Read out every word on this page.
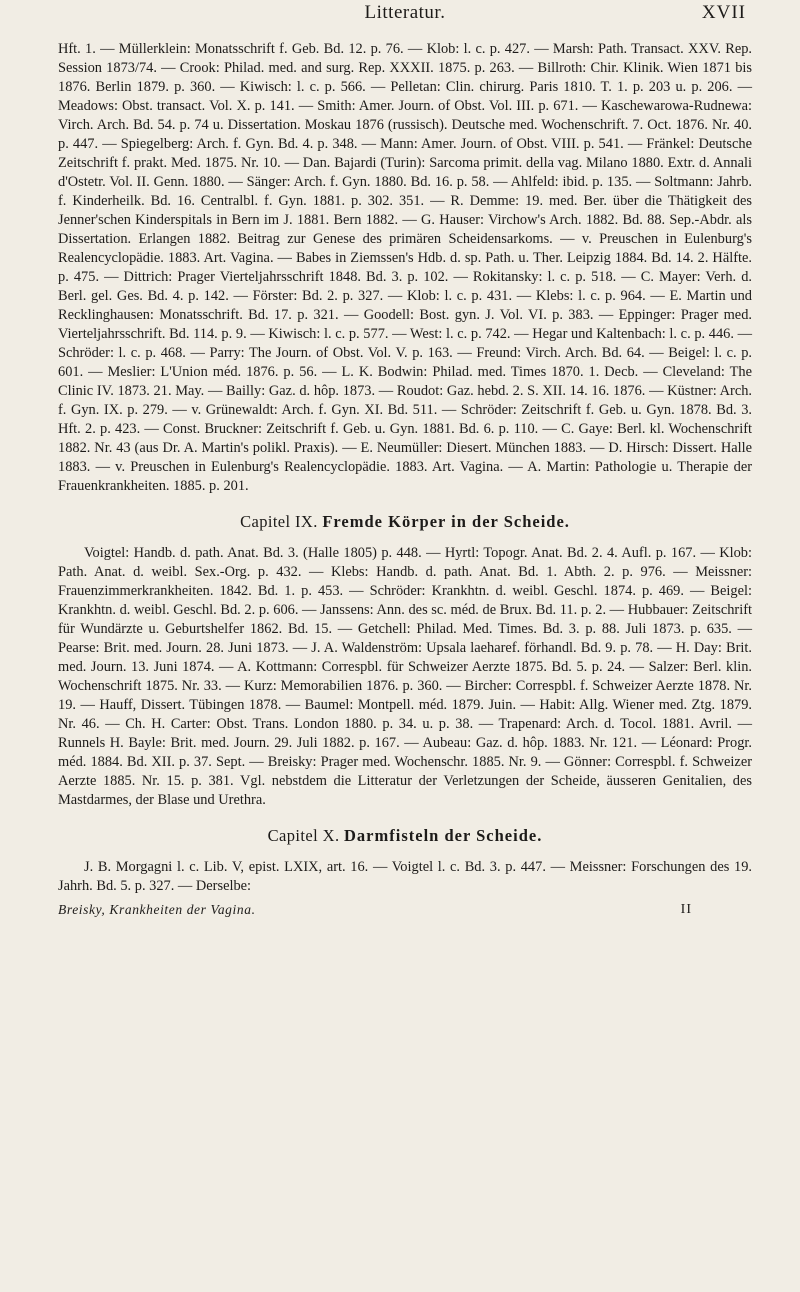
Litteratur.	XVII

Hft. 1. — Müllerklein: Monatsschrift f. Geb. Bd. 12. p. 76. — Klob: l. c. p. 427. — Marsh: Path. Transact. XXV. Rep. Session 1873/74. — Crook: Philad. med. and surg. Rep. XXXII. 1875. p. 263. — Billroth: Chir. Klinik. Wien 1871 bis 1876. Berlin 1879. p. 360. — Kiwisch: l. c. p. 566. — Pelletan: Clin. chirurg. Paris 1810. T. 1. p. 203 u. p. 206. — Meadows: Obst. transact. Vol. X. p. 141. — Smith: Amer. Journ. of Obst. Vol. III. p. 671. — Kaschewarowa-Rudnewa: Virch. Arch. Bd. 54. p. 74 u. Dissertation. Moskau 1876 (russisch). Deutsche med. Wochenschrift. 7. Oct. 1876. Nr. 40. p. 447. — Spiegelberg: Arch. f. Gyn. Bd. 4. p. 348. — Mann: Amer. Journ. of Obst. VIII. p. 541. — Fränkel: Deutsche Zeitschrift f. prakt. Med. 1875. Nr. 10. — Dan. Bajardi (Turin): Sarcoma primit. della vag. Milano 1880. Extr. d. Annali d'Ostetr. Vol. II. Genn. 1880. — Sänger: Arch. f. Gyn. 1880. Bd. 16. p. 58. — Ahlfeld: ibid. p. 135. — Soltmann: Jahrb. f. Kinderheilk. Bd. 16. Centralbl. f. Gyn. 1881. p. 302. 351. — R. Demme: 19. med. Ber. über die Thätigkeit des Jenner'schen Kinderspitals in Bern im J. 1881. Bern 1882. — G. Hauser: Virchow's Arch. 1882. Bd. 88. Sep.-Abdr. als Dissertation. Erlangen 1882. Beitrag zur Genese des primären Scheidensarkoms. — v. Preuschen in Eulenburg's Realencyclopädie. 1883. Art. Vagina. — Babes in Ziemssen's Hdb. d. sp. Path. u. Ther. Leipzig 1884. Bd. 14. 2. Hälfte. p. 475. — Dittrich: Prager Vierteljahrsschrift 1848. Bd. 3. p. 102. — Rokitansky: l. c. p. 518. — C. Mayer: Verh. d. Berl. gel. Ges. Bd. 4. p. 142. — Förster: Bd. 2. p. 327. — Klob: l. c. p. 431. — Klebs: l. c. p. 964. — E. Martin und Recklinghausen: Monatsschrift. Bd. 17. p. 321. — Goodell: Bost. gyn. J. Vol. VI. p. 383. — Eppinger: Prager med. Vierteljahrsschrift. Bd. 114. p. 9. — Kiwisch: l. c. p. 577. — West: l. c. p. 742. — Hegar und Kaltenbach: l. c. p. 446. — Schröder: l. c. p. 468. — Parry: The Journ. of Obst. Vol. V. p. 163. — Freund: Virch. Arch. Bd. 64. — Beigel: l. c. p. 601. — Meslier: L'Union méd. 1876. p. 56. — L. K. Bodwin: Philad. med. Times 1870. 1. Decb. — Cleveland: The Clinic IV. 1873. 21. May. — Bailly: Gaz. d. hôp. 1873. — Roudot: Gaz. hebd. 2. S. XII. 14. 16. 1876. — Küstner: Arch. f. Gyn. IX. p. 279. — v. Grünewaldt: Arch. f. Gyn. XI. Bd. 511. — Schröder: Zeitschrift f. Geb. u. Gyn. 1878. Bd. 3. Hft. 2. p. 423. — Const. Bruckner: Zeitschrift f. Geb. u. Gyn. 1881. Bd. 6. p. 110. — C. Gaye: Berl. kl. Wochenschrift 1882. Nr. 43 (aus Dr. A. Martin's polikl. Praxis). — E. Neumüller: Diesert. München 1883. — D. Hirsch: Dissert. Halle 1883. — v. Preuschen in Eulenburg's Realencyclopädie. 1883. Art. Vagina. — A. Martin: Pathologie u. Therapie der Frauenkrankheiten. 1885. p. 201.

Capitel IX. Fremde Körper in der Scheide.

Voigtel: Handb. d. path. Anat. Bd. 3. (Halle 1805) p. 448. — Hyrtl: Topogr. Anat. Bd. 2. 4. Aufl. p. 167. — Klob: Path. Anat. d. weibl. Sex.-Org. p. 432. — Klebs: Handb. d. path. Anat. Bd. 1. Abth. 2. p. 976. — Meissner: Frauenzimmerkrankheiten. 1842. Bd. 1. p. 453. — Schröder: Krankhtn. d. weibl. Geschl. 1874. p. 469. — Beigel: Krankhtn. d. weibl. Geschl. Bd. 2. p. 606. — Janssens: Ann. des sc. méd. de Brux. Bd. 11. p. 2. — Hubbauer: Zeitschrift für Wundärzte u. Geburtshelfer 1862. Bd. 15. — Getchell: Philad. Med. Times. Bd. 3. p. 88. Juli 1873. p. 635. — Pearse: Brit. med. Journ. 28. Juni 1873. — J. A. Waldenström: Upsala laeharef. förhandl. Bd. 9. p. 78. — H. Day: Brit. med. Journ. 13. Juni 1874. — A. Kottmann: Correspbl. für Schweizer Aerzte 1875. Bd. 5. p. 24. — Salzer: Berl. klin. Wochenschrift 1875. Nr. 33. — Kurz: Memorabilien 1876. p. 360. — Bircher: Correspbl. f. Schweizer Aerzte 1878. Nr. 19. — Hauff, Dissert. Tübingen 1878. — Baumel: Montpell. méd. 1879. Juin. — Habit: Allg. Wiener med. Ztg. 1879. Nr. 46. — Ch. H. Carter: Obst. Trans. London 1880. p. 34. u. p. 38. — Trapenard: Arch. d. Tocol. 1881. Avril. — Runnels H. Bayle: Brit. med. Journ. 29. Juli 1882. p. 167. — Aubeau: Gaz. d. hôp. 1883. Nr. 121. — Léonard: Progr. méd. 1884. Bd. XII. p. 37. Sept. — Breisky: Prager med. Wochenschr. 1885. Nr. 9. — Gönner: Correspbl. f. Schweizer Aerzte 1885. Nr. 15. p. 381. Vgl. nebstdem die Litteratur der Verletzungen der Scheide, äusseren Genitalien, des Mastdarmes, der Blase und Urethra.

Capitel X. Darmfisteln der Scheide.

J. B. Morgagni l. c. Lib. V, epist. LXIX, art. 16. — Voigtel l. c. Bd. 3. p. 447. — Meissner: Forschungen des 19. Jahrh. Bd. 5. p. 327. — Derselbe:

Breisky, Krankheiten der Vagina.	II
